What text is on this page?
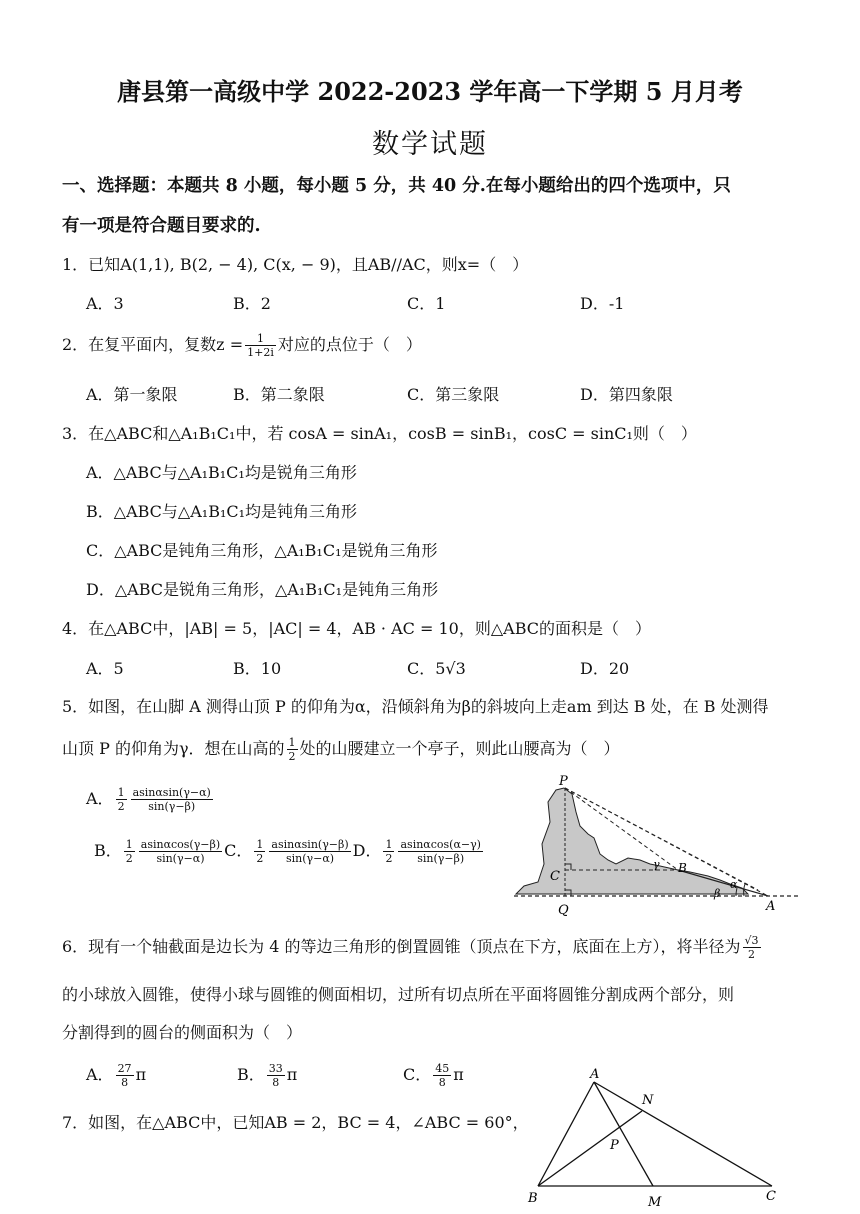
唐县第一高级中学 2022-2023 学年高一下学期 5 月月考
数学试题
一、选择题：本题共 8 小题，每小题 5 分，共 40 分.在每小题给出的四个选项中，只
有一项是符合题目要求的.
1．已知A(1,1), B(2, − 4), C(x, − 9)，且AB//AC，则x=（　）
A．3	B．2	C．1	D．-1
2．在复平面内，复数$z = \frac{1}{1+2i}$ 对应的点位于（　）
A．第一象限	B．第二象限	C．第三象限	D．第四象限
3．在△ABC和△A₁B₁C₁中，若 cosA = sinA₁，cosB = sinB₁，cosC = sinC₁则（　）
A．△ABC与△A₁B₁C₁均是锐角三角形
B．△ABC与△A₁B₁C₁均是钝角三角形
C．△ABC是钝角三角形，△A₁B₁C₁是锐角三角形
D．△ABC是锐角三角形，△A₁B₁C₁是钝角三角形
4．在△ABC中，|AB| = 5，|AC| = 4，AB · AC = 10，则△ABC的面积是（　）
A．5	B．10	C．5√3	D．20
5．如图，在山脚 A 测得山顶 P 的仰角为α，沿倾斜角为β的斜坡向上走am 到达 B 处，在 B 处测得
山顶 P 的仰角为γ．想在山高的 $\frac{1}{2}$ 处的山腰建立一个亭子，则此山腰高为（　）
A． $\frac{1}{2} \frac{asin\alpha\sin(\gamma-\alpha)}{\sin(\gamma-\beta)}$
B． $\frac{1}{2} \frac{asin\alpha\cos(\gamma-\beta)}{\sin(\gamma-\alpha)}$ C． $\frac{1}{2} \frac{asin\alpha\sin(\gamma-\beta)}{\sin(\gamma-\alpha)}$ D． $\frac{1}{2} \frac{asin\alpha\cos(\alpha-\gamma)}{\sin(\gamma-\beta)}$
P
B
C
Q	A
α
β
γ
6．现有一个轴截面是边长为 4 的等边三角形的倒置圆锥（顶点在下方，底面在上方），将半径为 $\frac{√3}{2}$
的小球放入圆锥，使得小球与圆锥的侧面相切，过所有切点所在平面将圆锥分割成两个部分，则
分割得到的圆台的侧面积为（　）
A． $\frac{27}{8}$ π	B． $\frac{33}{8}$ π	C． $\frac{45}{8}$ π
7．如图，在△ABC中，已知AB = 2，BC = 4，∠ABC = 60°，
A
N
P
B	M	C
